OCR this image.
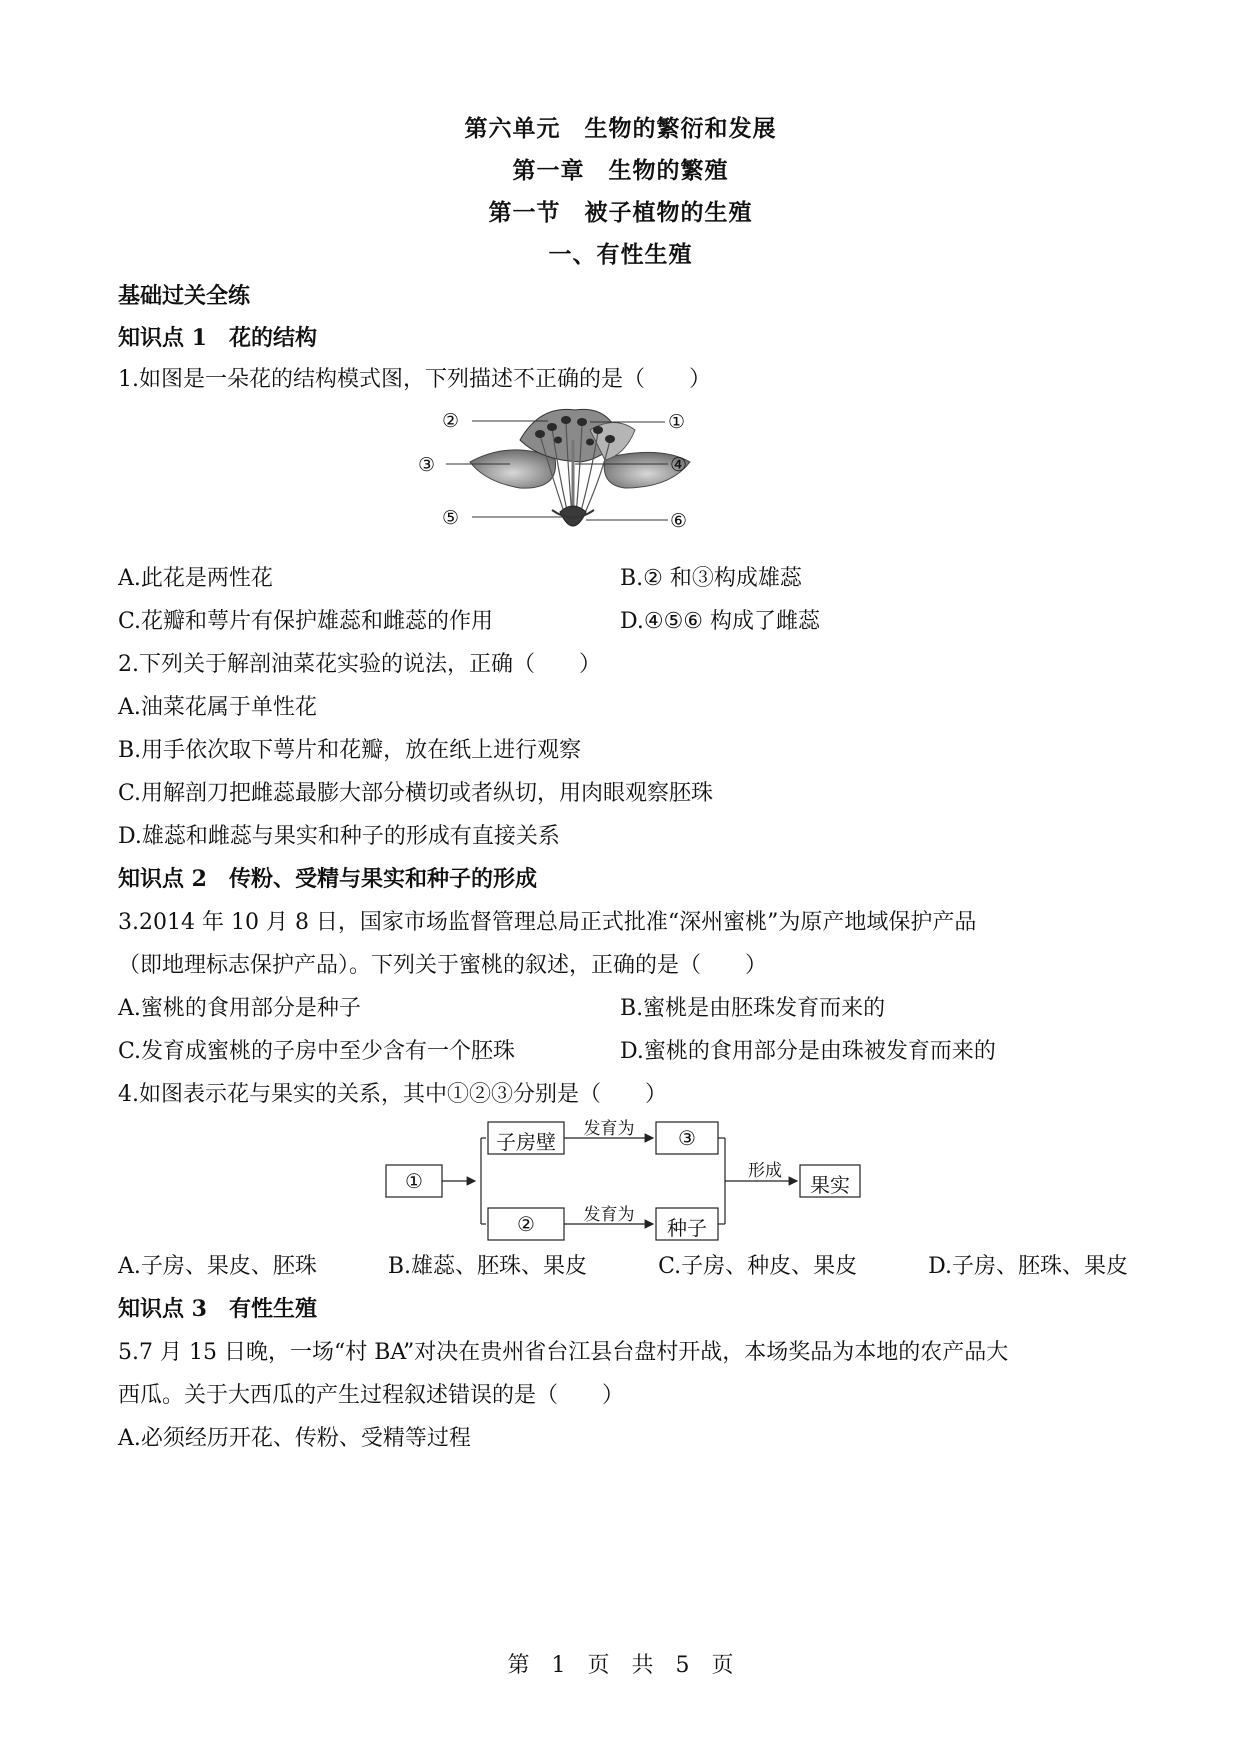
第六单元　生物的繁衍和发展
第一章　生物的繁殖
第一节　被子植物的生殖
一、有性生殖
基础过关全练
知识点 1　花的结构
1.如图是一朵花的结构模式图，下列描述不正确的是（　　）
②	①
③	④
⑤	⑥
A.此花是两性花	B.② 和③构成雄蕊
C.花瓣和萼片有保护雄蕊和雌蕊的作用	D.④⑤⑥ 构成了雌蕊
2.下列关于解剖油菜花实验的说法，正确（　　）
A.油菜花属于单性花
B.用手依次取下萼片和花瓣，放在纸上进行观察
C.用解剖刀把雌蕊最膨大部分横切或者纵切，用肉眼观察胚珠
D.雄蕊和雌蕊与果实和种子的形成有直接关系
知识点 2　传粉、受精与果实和种子的形成
3.2014 年 10 月 8 日，国家市场监督管理总局正式批准“深州蜜桃”为原产地域保护产品
（即地理标志保护产品）。下列关于蜜桃的叙述，正确的是（　　）
A.蜜桃的食用部分是种子	B.蜜桃是由胚珠发育而来的
C.发育成蜜桃的子房中至少含有一个胚珠	D.蜜桃的食用部分是由珠被发育而来的
4.如图表示花与果实的关系，其中①②③分别是（　　）
①
子房壁
②
发育为
发育为
③
种子
形成
果实
A.子房、果皮、胚珠	B.雄蕊、胚珠、果皮	C.子房、种皮、果皮	D.子房、胚珠、果皮
知识点 3　有性生殖
5.7 月 15 日晚，一场“村 BA”对决在贵州省台江县台盘村开战，本场奖品为本地的农产品大
西瓜。关于大西瓜的产生过程叙述错误的是（　　）
A.必须经历开花、传粉、受精等过程
第　1　页　共　5　页
